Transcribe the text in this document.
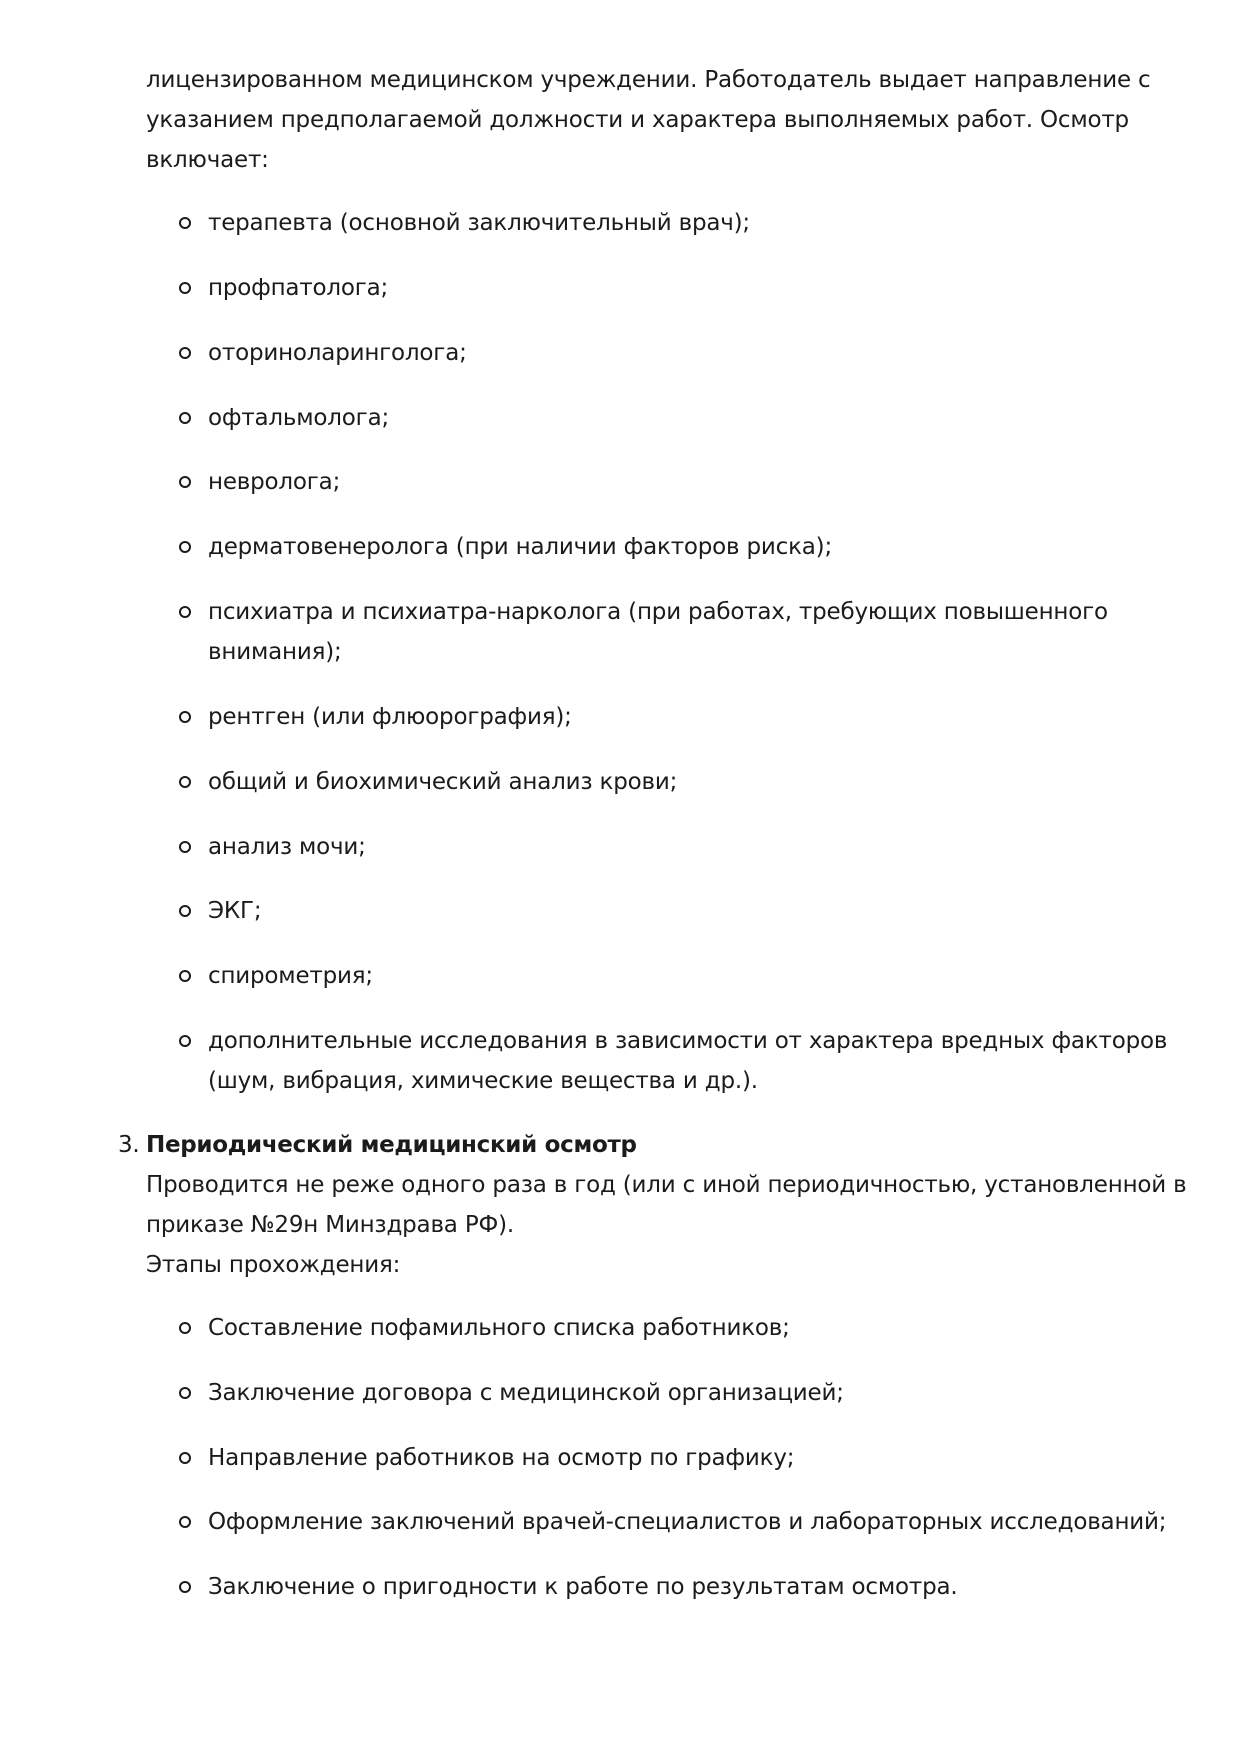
лицензированном медицинском учреждении. Работодатель выдает направление с
указанием предполагаемой должности и характера выполняемых работ. Осмотр
включает:

терапевта (основной заключительный врач);
профпатолога;
оториноларинголога;
офтальмолога;
невролога;
дерматовенеролога (при наличии факторов риска);
психиатра и психиатра-нарколога (при работах, требующих повышенного
внимания);
рентген (или флюорография);
общий и биохимический анализ крови;
анализ мочи;
ЭКГ;
спирометрия;
дополнительные исследования в зависимости от характера вредных факторов
(шум, вибрация, химические вещества и др.).
3. Периодический медицинский осмотр

Проводится не реже одного раза в год (или с иной периодичностью, установленной в
приказе №29н Минздрава РФ).
Этапы прохождения:

Составление пофамильного списка работников;
Заключение договора с медицинской организацией;
Направление работников на осмотр по графику;
Оформление заключений врачей-специалистов и лабораторных исследований;
Заключение о пригодности к работе по результатам осмотра.
